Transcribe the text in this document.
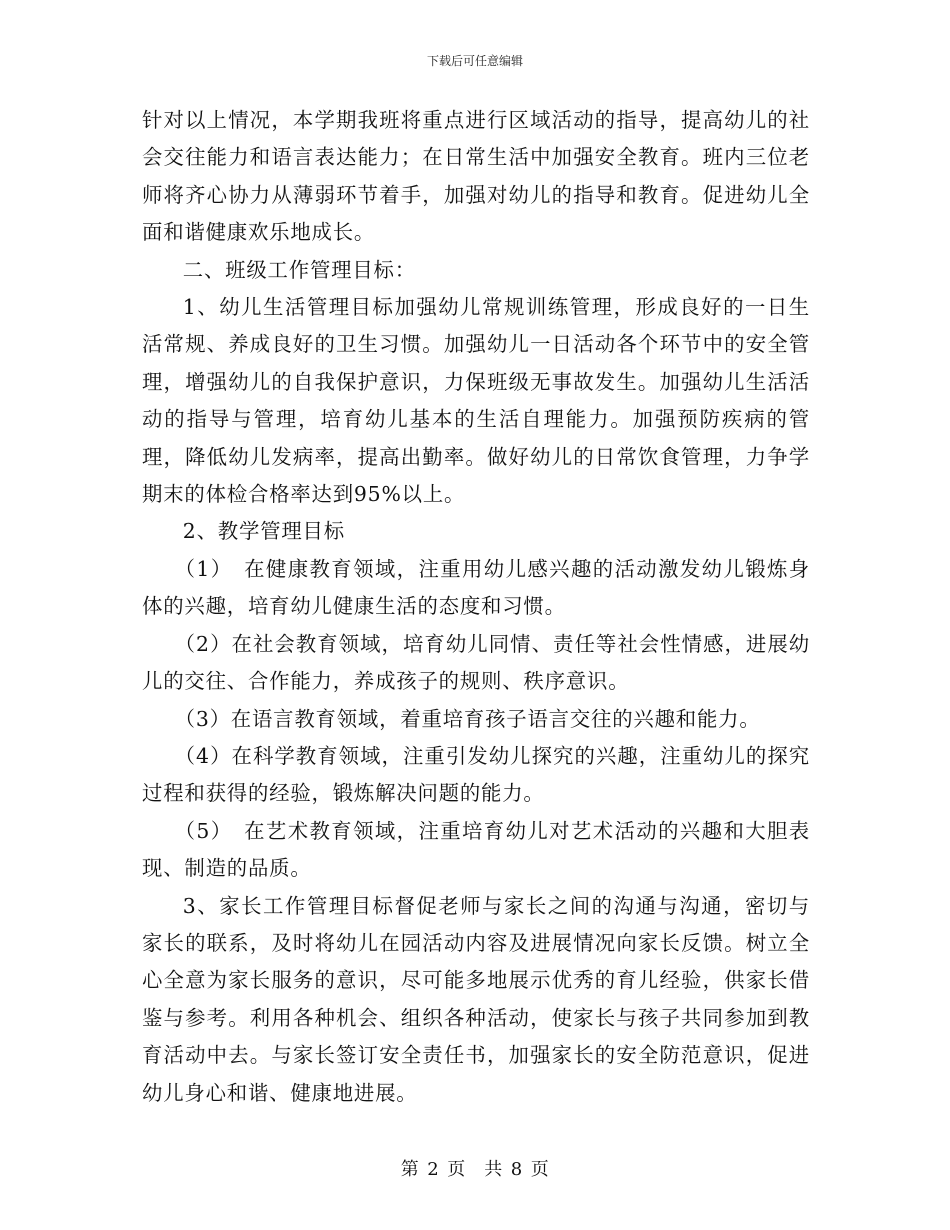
下载后可任意编辑

针对以上情况，本学期我班将重点进行区域活动的指导，提高幼儿的社会交往能力和语言表达能力；在日常生活中加强安全教育。班内三位老师将齐心协力从薄弱环节着手，加强对幼儿的指导和教育。促进幼儿全面和谐健康欢乐地成长。

二、班级工作管理目标：

1、幼儿生活管理目标加强幼儿常规训练管理，形成良好的一日生活常规、养成良好的卫生习惯。加强幼儿一日活动各个环节中的安全管理，增强幼儿的自我保护意识，力保班级无事故发生。加强幼儿生活活动的指导与管理，培育幼儿基本的生活自理能力。加强预防疾病的管理，降低幼儿发病率，提高出勤率。做好幼儿的日常饮食管理，力争学期末的体检合格率达到95%以上。

2、教学管理目标

（1）　在健康教育领域，注重用幼儿感兴趣的活动激发幼儿锻炼身体的兴趣，培育幼儿健康生活的态度和习惯。

（2）在社会教育领域，培育幼儿同情、责任等社会性情感，进展幼儿的交往、合作能力，养成孩子的规则、秩序意识。

（3）在语言教育领域，着重培育孩子语言交往的兴趣和能力。

（4）在科学教育领域，注重引发幼儿探究的兴趣，注重幼儿的探究过程和获得的经验，锻炼解决问题的能力。

（5）　在艺术教育领域，注重培育幼儿对艺术活动的兴趣和大胆表现、制造的品质。

3、家长工作管理目标督促老师与家长之间的沟通与沟通，密切与家长的联系，及时将幼儿在园活动内容及进展情况向家长反馈。树立全心全意为家长服务的意识，尽可能多地展示优秀的育儿经验，供家长借鉴与参考。利用各种机会、组织各种活动，使家长与孩子共同参加到教育活动中去。与家长签订安全责任书，加强家长的安全防范意识，促进幼儿身心和谐、健康地进展。

第 2 页　共 8 页
